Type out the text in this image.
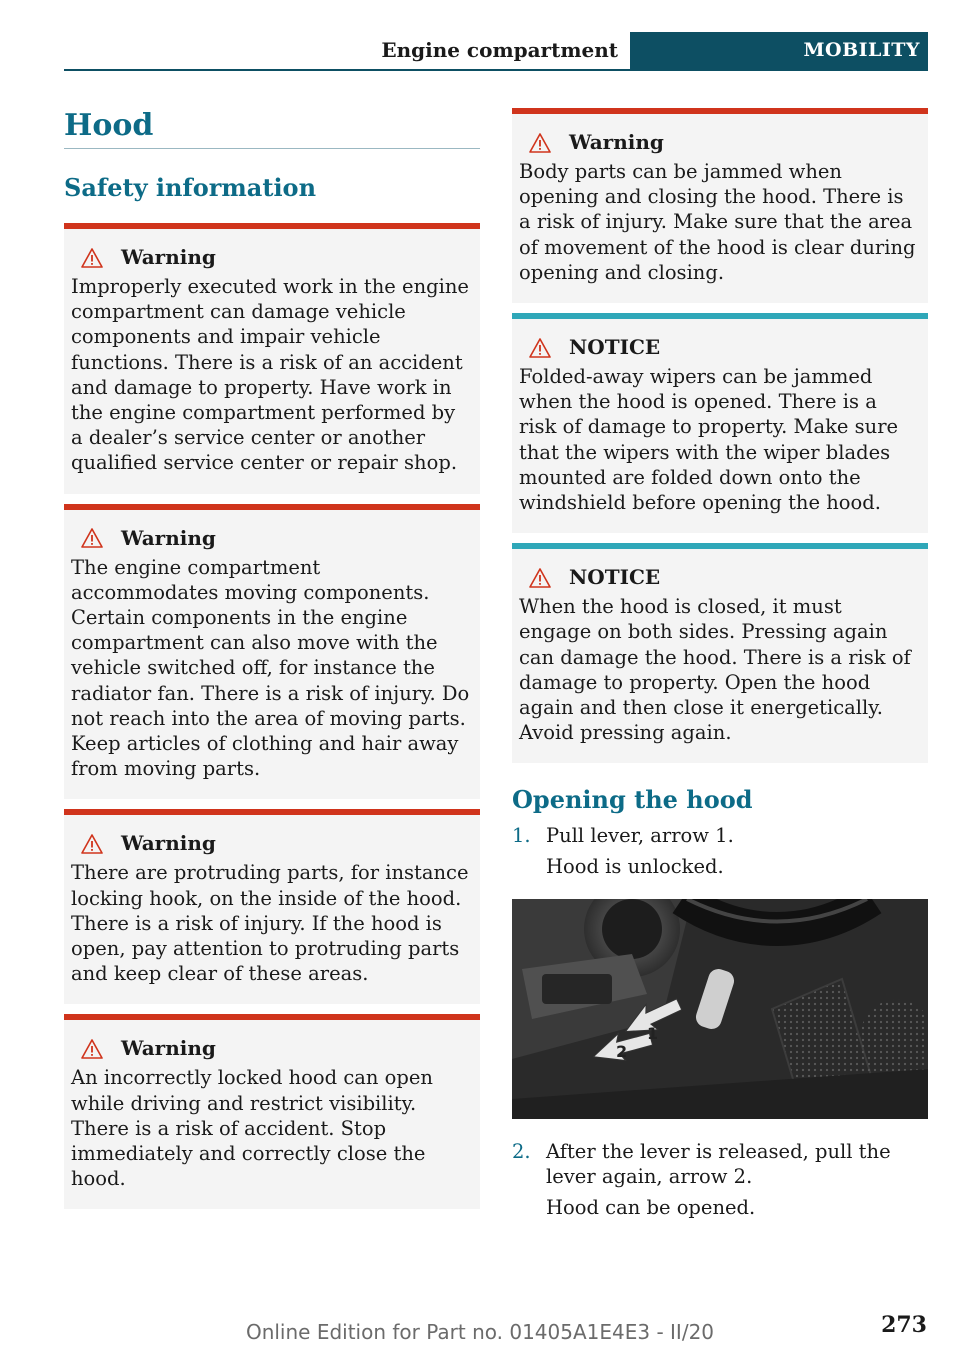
Engine compartment	MOBILITY
Hood
Safety information
Warning
Improperly executed work in the engine compartment can damage vehicle components and impair vehicle functions. There is a risk of an accident and damage to property. Have work in the engine compartment performed by a dealer’s service center or another qualified service center or repair shop.
Warning
The engine compartment accommodates moving components. Certain components in the engine compartment can also move with the vehicle switched off, for instance the radiator fan. There is a risk of injury. Do not reach into the area of moving parts. Keep articles of clothing and hair away from moving parts.
Warning
There are protruding parts, for instance locking hook, on the inside of the hood. There is a risk of injury. If the hood is open, pay attention to protruding parts and keep clear of these areas.
Warning
An incorrectly locked hood can open while driving and restrict visibility. There is a risk of accident. Stop immediately and correctly close the hood.
Warning
Body parts can be jammed when opening and closing the hood. There is a risk of injury. Make sure that the area of movement of the hood is clear during opening and closing.
NOTICE
Folded-away wipers can be jammed when the hood is opened. There is a risk of damage to property. Make sure that the wipers with the wiper blades mounted are folded down onto the windshield before opening the hood.
NOTICE
When the hood is closed, it must engage on both sides. Pressing again can damage the hood. There is a risk of damage to property. Open the hood again and then close it energetically. Avoid pressing again.
Opening the hood
1. Pull lever, arrow 1.
Hood is unlocked.
1
2
2. After the lever is released, pull the lever again, arrow 2.
Hood can be opened.
273
Online Edition for Part no. 01405A1E4E3 - II/20
